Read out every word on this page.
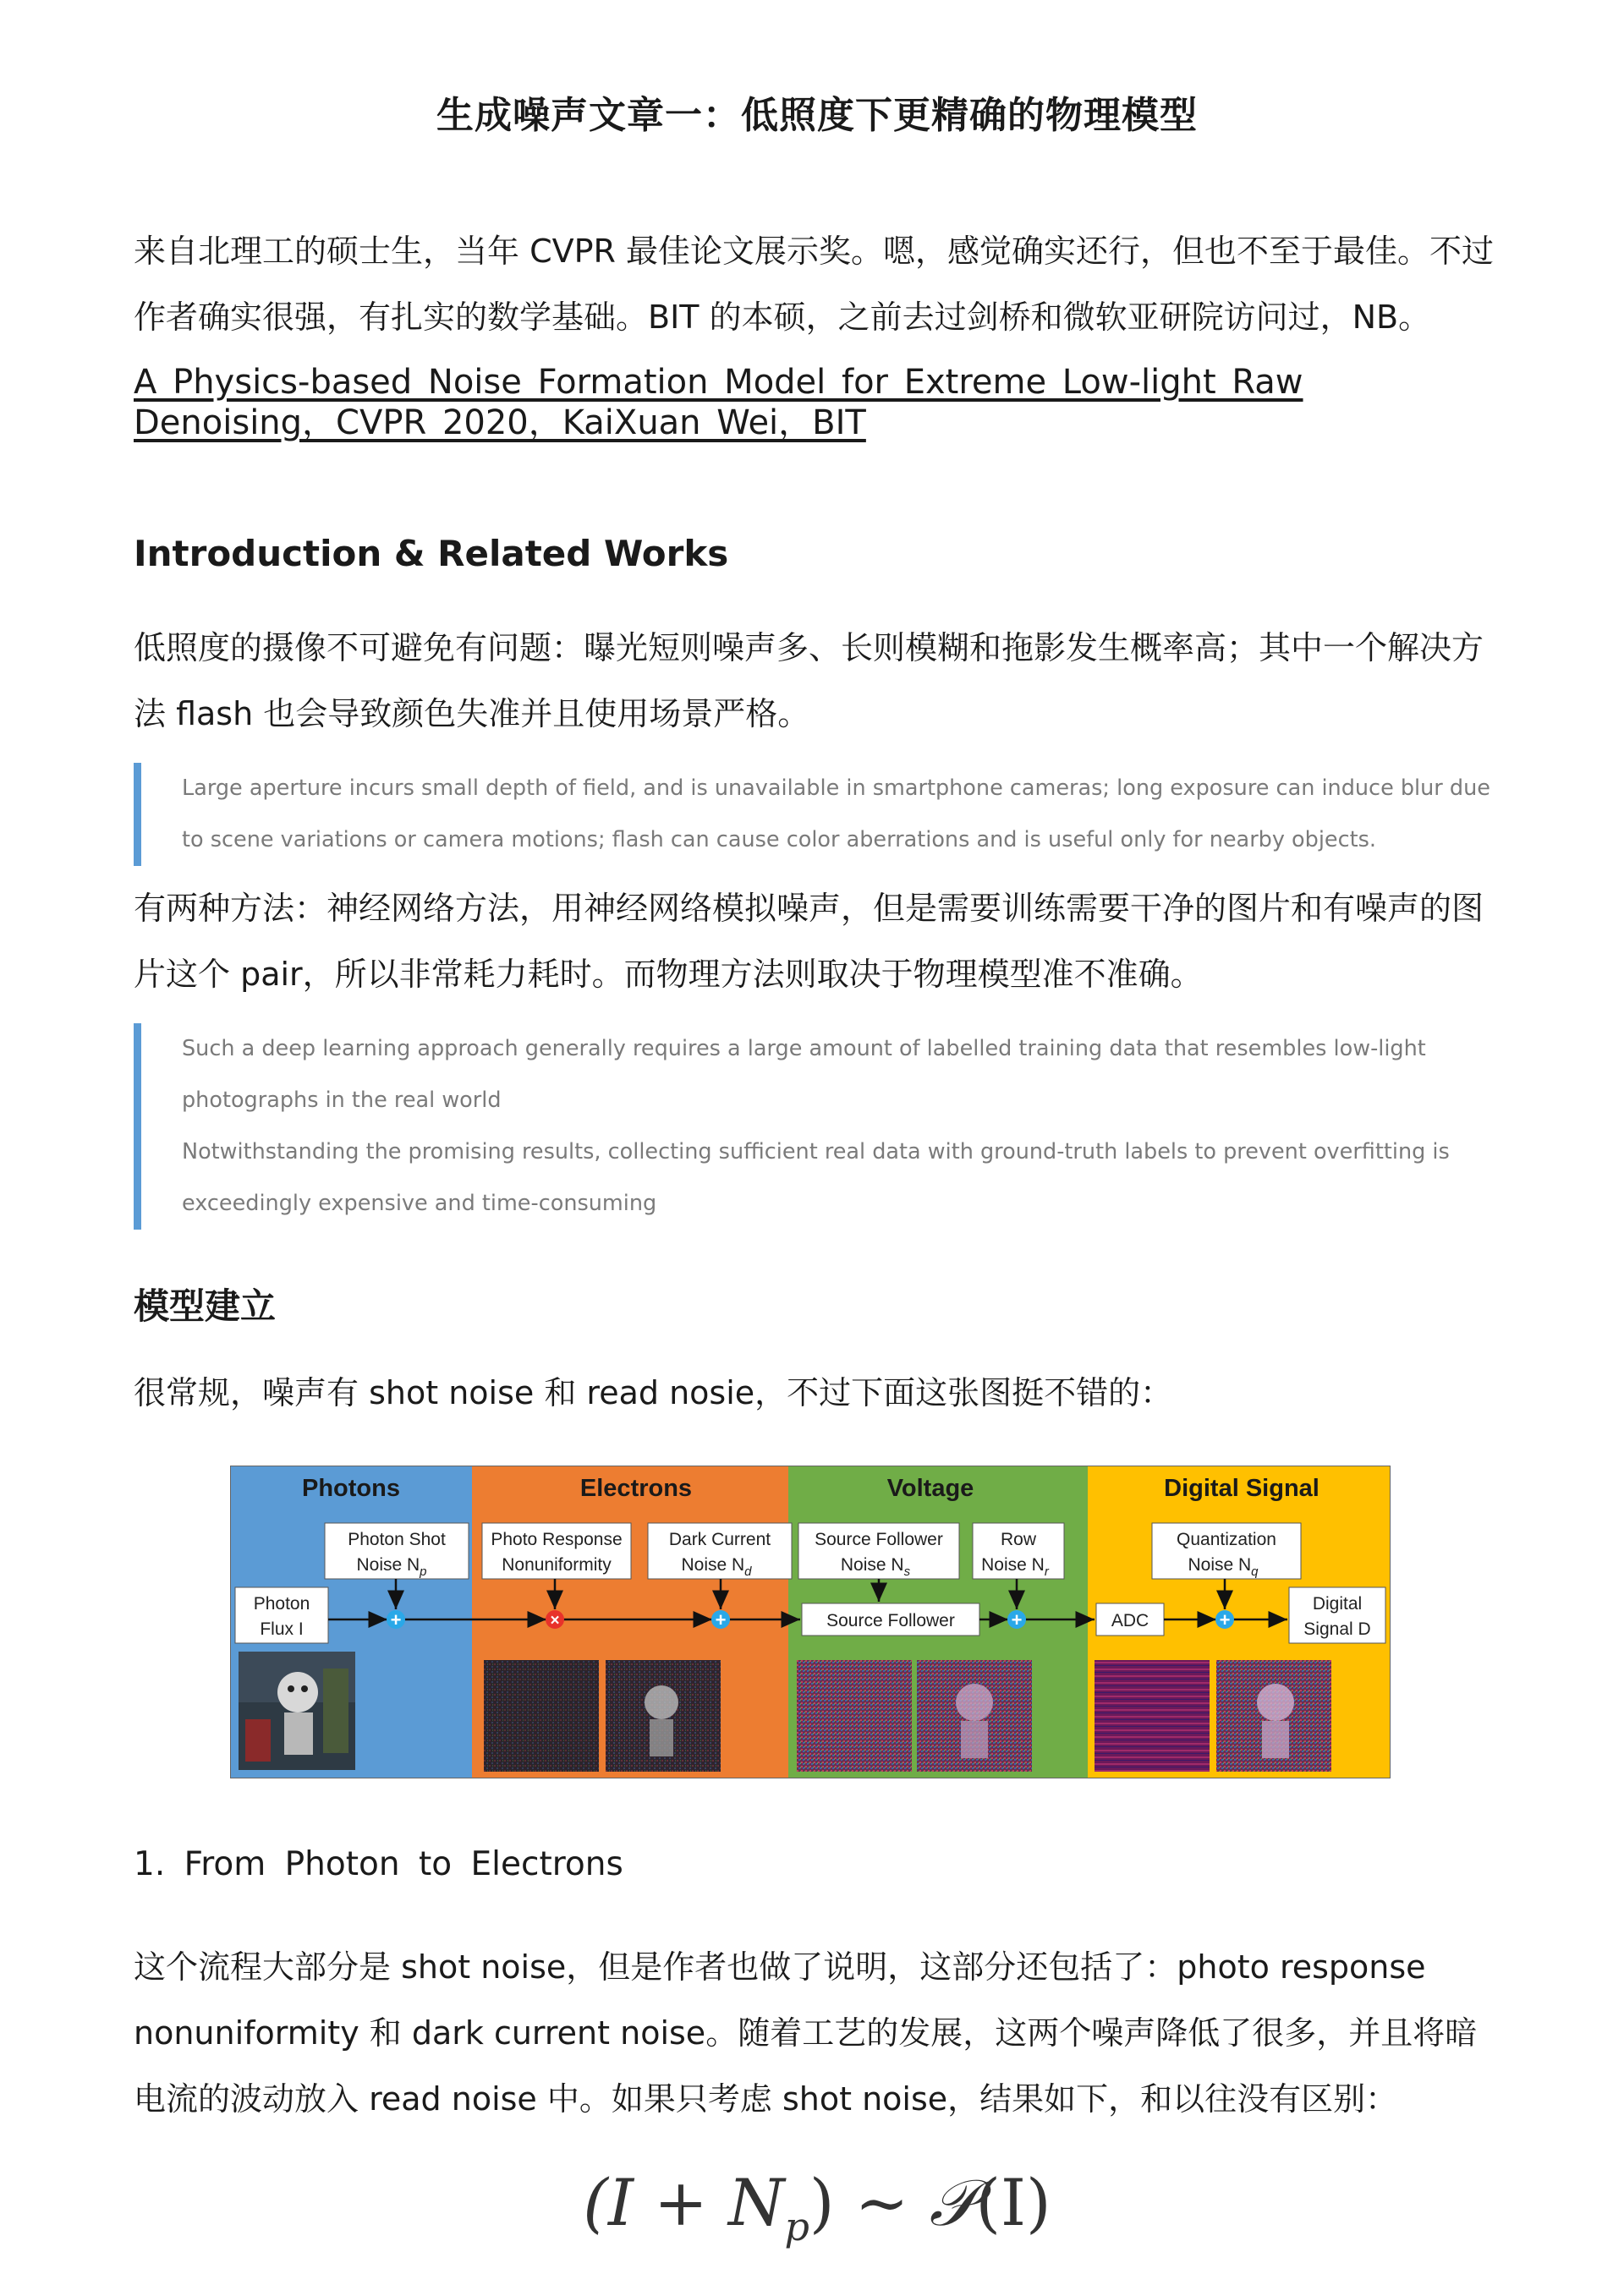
生成噪声文章一：低照度下更精确的物理模型
来自北理工的硕士生，当年 CVPR 最佳论文展示奖。嗯，感觉确实还行，但也不至于最佳。不过作者确实很强，有扎实的数学基础。BIT 的本硕，之前去过剑桥和微软亚研院访问过，NB。
A Physics-based Noise Formation Model for Extreme Low-light Raw Denoising，CVPR 2020，KaiXuan Wei，BIT
Introduction & Related Works
低照度的摄像不可避免有问题：曝光短则噪声多、长则模糊和拖影发生概率高；其中一个解决方法 flash 也会导致颜色失准并且使用场景严格。
Large aperture incurs small depth of field, and is unavailable in smartphone cameras; long exposure can induce blur due to scene variations or camera motions; flash can cause color aberrations and is useful only for nearby objects.
有两种方法：神经网络方法，用神经网络模拟噪声，但是需要训练需要干净的图片和有噪声的图片这个 pair，所以非常耗力耗时。而物理方法则取决于物理模型准不准确。
Such a deep learning approach generally requires a large amount of labelled training data that resembles low-light photographs in the real world
Notwithstanding the promising results, collecting sufficient real data with ground-truth labels to prevent overfitting is exceedingly expensive and time-consuming
模型建立
很常规，噪声有 shot noise 和 read nosie，不过下面这张图挺不错的：
Photons	Electrons	Voltage	Digital Signal
Photon Shot
Noise $N_p$
Photo Response
Nonuniformity
Dark Current
Noise $N_d$
Source Follower
Noise $N_s$
Row
Noise $N_r$
Quantization
Noise $N_q$
Photon
Flux I	Source Follower	ADC
Digital
Signal D
+	×	+	+	+
1. From Photon to Electrons
这个流程大部分是 shot noise，但是作者也做了说明，这部分还包括了：photo response nonuniformity 和 dark current noise。随着工艺的发展，这两个噪声降低了很多，并且将暗电流的波动放入 read noise 中。如果只考虑 shot noise，结果如下，和以往没有区别：
$(I + N_p)$ ∼ 𝒫(I)
